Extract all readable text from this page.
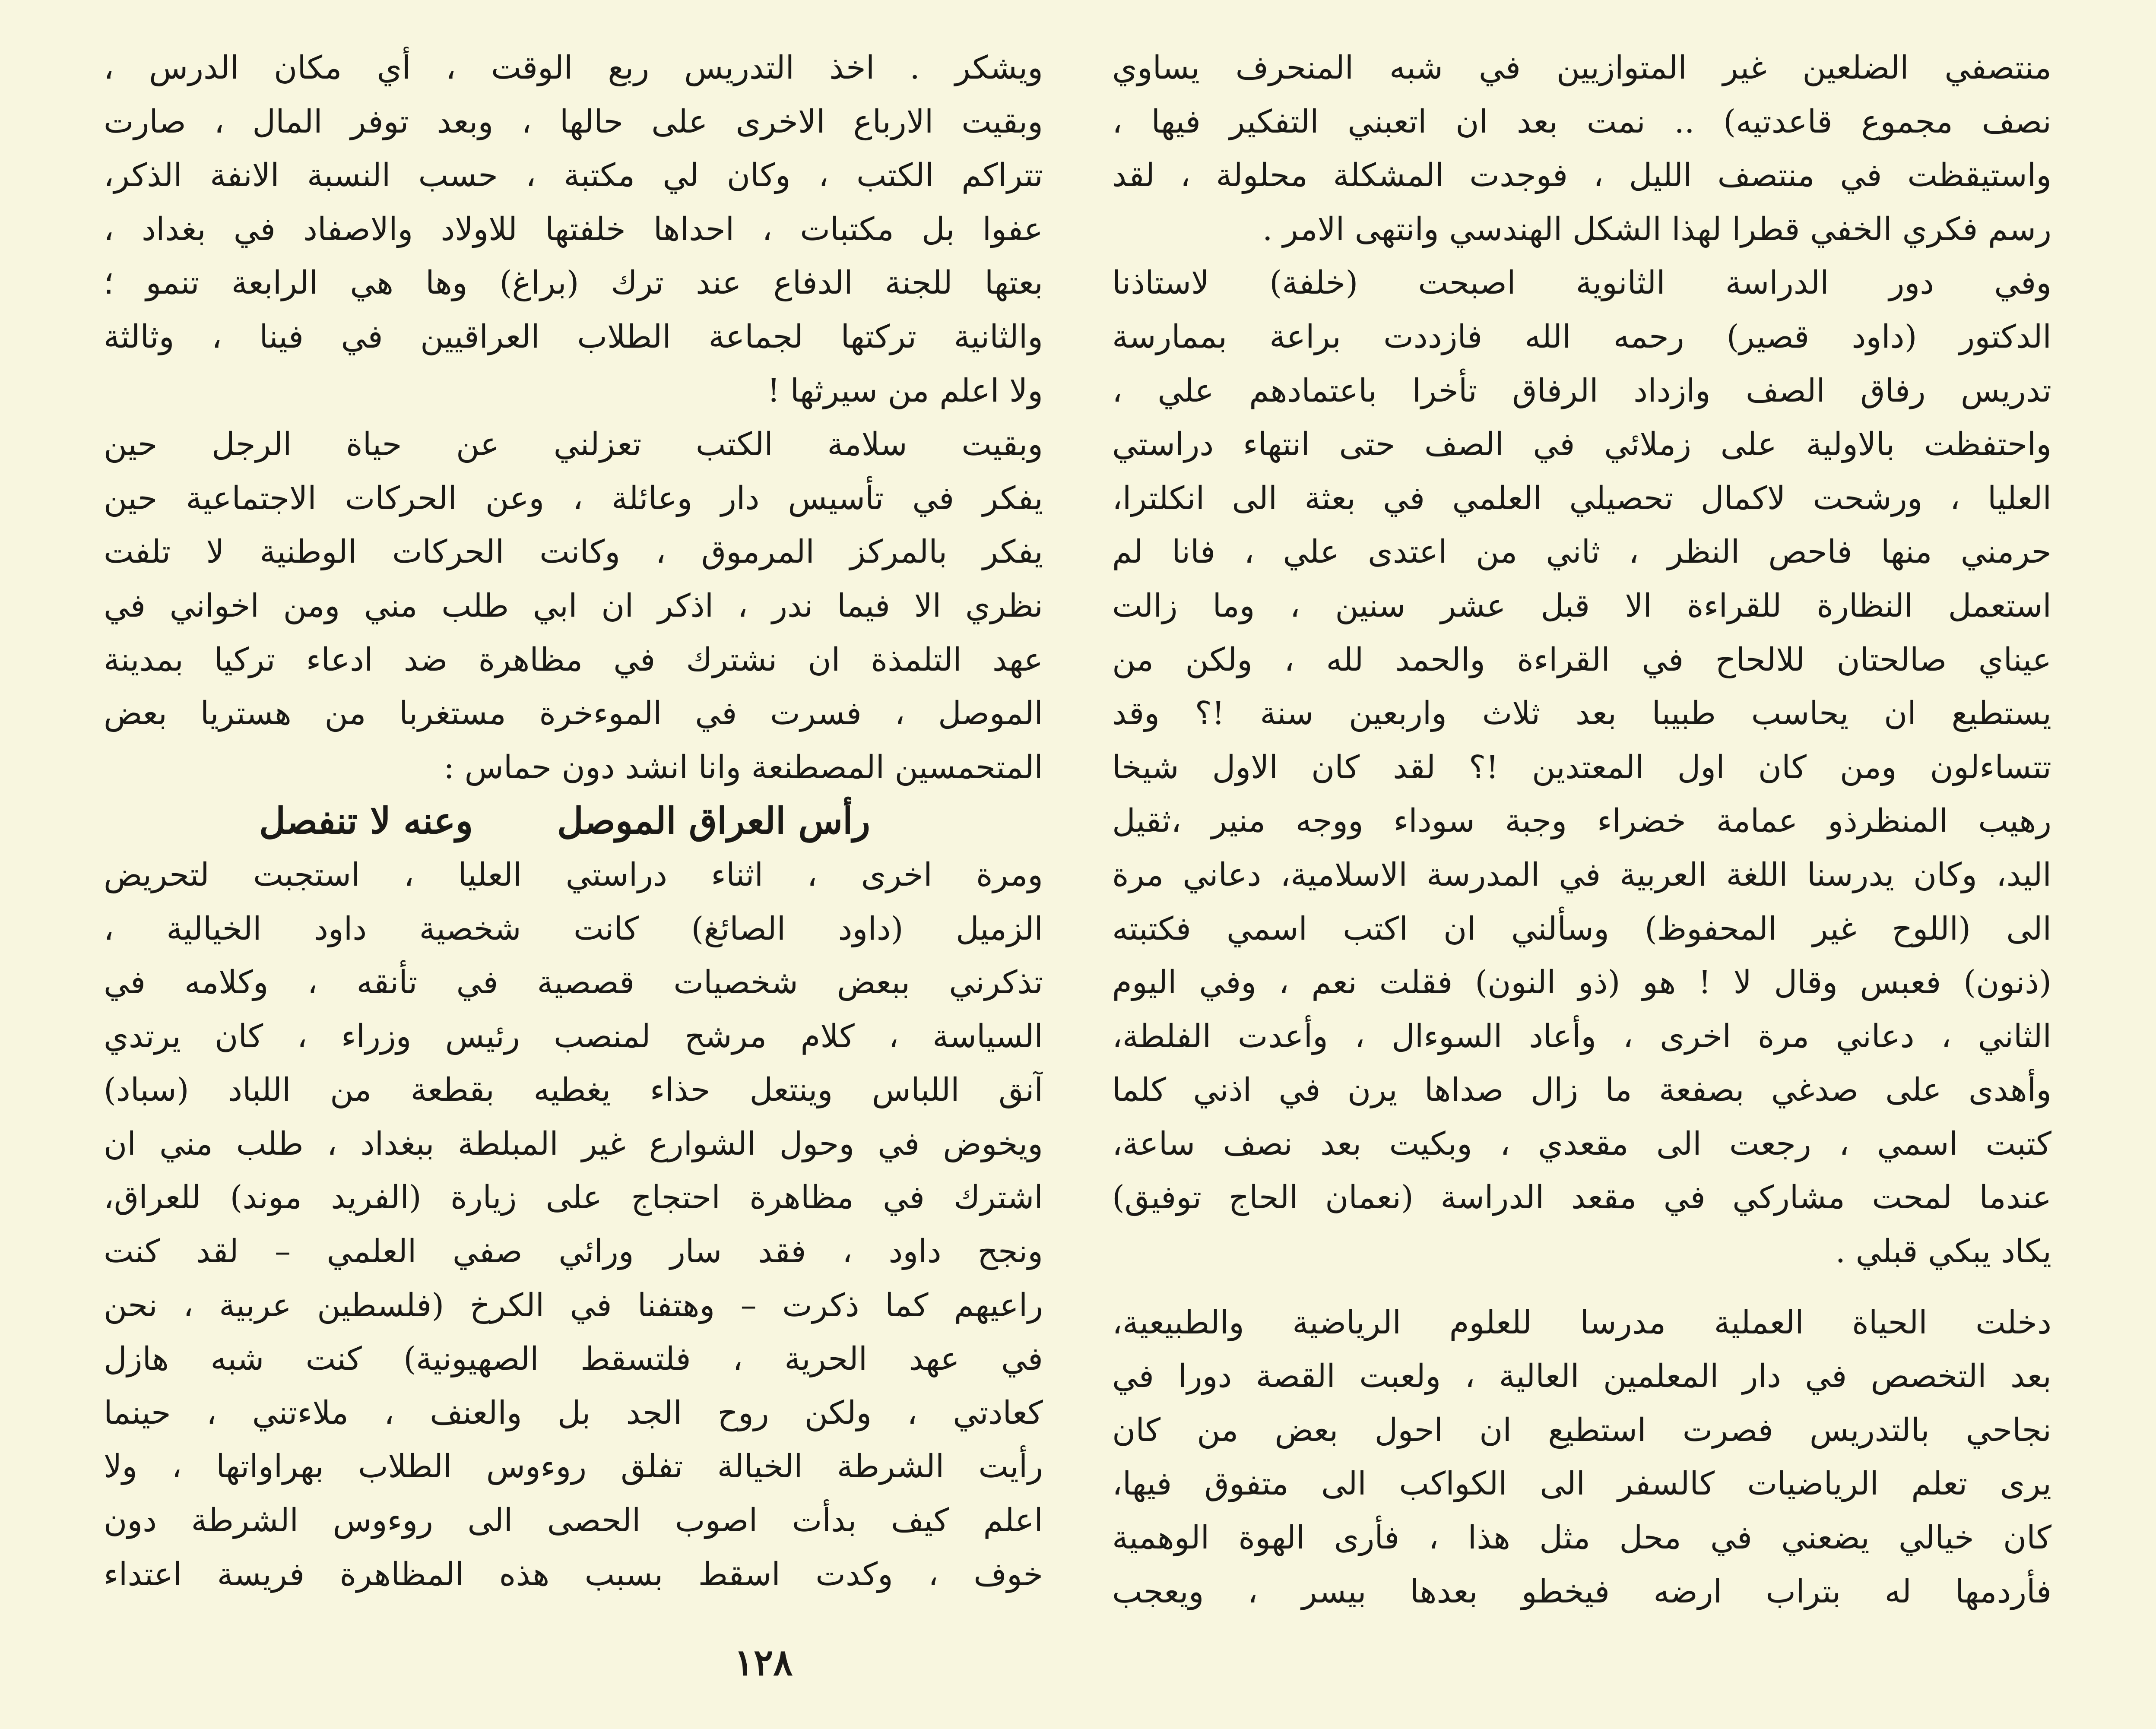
منتصفي الضلعين غير المتوازيين في شبه المنحرف يساوي
نصف مجموع قاعدتيه) .. نمت بعد ان اتعبني التفكير فيها ،
واستيقظت في منتصف الليل ، فوجدت المشكلة محلولة ، لقد
رسم فكري الخفي قطرا لهذا الشكل الهندسي وانتهى الامر .
وفي دور الدراسة الثانوية اصبحت (خلفة) لاستاذنا
الدكتور (داود قصير) رحمه الله فازددت براعة بممارسة
تدريس رفاق الصف وازداد الرفاق تأخرا باعتمادهم علي ،
واحتفظت بالاولية على زملائي في الصف حتى انتهاء دراستي
العليا ، ورشحت لاكمال تحصيلي العلمي في بعثة الى انكلترا،
حرمني منها فاحص النظر ، ثاني من اعتدى علي ، فانا لم
استعمل النظارة للقراءة الا قبل عشر سنين ، وما زالت
عيناي صالحتان للالحاح في القراءة والحمد لله ، ولكن من
يستطيع ان يحاسب طبيبا بعد ثلاث واربعين سنة !؟ وقد
تتساءلون ومن كان اول المعتدين !؟ لقد كان الاول شيخا
رهيب المنظرذو عمامة خضراء وجبة سوداء ووجه منير ،ثقيل
اليد، وكان يدرسنا اللغة العربية في المدرسة الاسلامية، دعاني مرة
الى (اللوح غير المحفوظ) وسألني ان اكتب اسمي فكتبته
(ذنون) فعبس وقال لا ! هو (ذو النون) فقلت نعم ، وفي اليوم
الثاني ، دعاني مرة اخرى ، وأعاد السوءال ، وأعدت الفلطة،
وأهدى على صدغي بصفعة ما زال صداها يرن في اذني كلما
كتبت اسمي ، رجعت الى مقعدي ، وبكيت بعد نصف ساعة،
عندما لمحت مشاركي في مقعد الدراسة (نعمان الحاج توفيق)
يكاد يبكي قبلي .
دخلت الحياة العملية مدرسا للعلوم الرياضية والطبيعية،
بعد التخصص في دار المعلمين العالية ، ولعبت القصة دورا في
نجاحي بالتدريس فصرت استطيع ان احول بعض من كان
يرى تعلم الرياضيات كالسفر الى الكواكب الى متفوق فيها،
كان خيالي يضعني في محل مثل هذا ، فأرى الهوة الوهمية
فأردمها له بتراب ارضه فيخطو بعدها بيسر ، ويعجب
ويشكر . اخذ التدريس ربع الوقت ، أي مكان الدرس ،
وبقيت الارباع الاخرى على حالها ، وبعد توفر المال ، صارت
تتراكم الكتب ، وكان لي مكتبة ، حسب النسبة الانفة الذكر،
عفوا بل مكتبات ، احداها خلفتها للاولاد والاصفاد في بغداد ،
بعتها للجنة الدفاع عند ترك (براغ) وها هي الرابعة تنمو ؛
والثانية تركتها لجماعة الطلاب العراقيين في فينا ، وثالثة
ولا اعلم من سيرثها !
وبقيت سلامة الكتب تعزلني عن حياة الرجل حين
يفكر في تأسيس دار وعائلة ، وعن الحركات الاجتماعية حين
يفكر بالمركز المرموق ، وكانت الحركات الوطنية لا تلفت
نظري الا فيما ندر ، اذكر ان ابي طلب مني ومن اخواني في
عهد التلمذة ان نشترك في مظاهرة ضد ادعاء تركيا بمدينة
الموصل ، فسرت في الموءخرة مستغربا من هستريا بعض
المتحمسين المصطنعة وانا انشد دون حماس :
رأس العراق الموصل
وعنه لا تنفصل
ومرة اخرى ، اثناء دراستي العليا ، استجبت لتحريض
الزميل (داود الصائغ) كانت شخصية داود الخيالية ،
تذكرني ببعض شخصيات قصصية في تأنقه ، وكلامه في
السياسة ، كلام مرشح لمنصب رئيس وزراء ، كان يرتدي
آنق اللباس وينتعل حذاء يغطيه بقطعة من اللباد (سباد)
ويخوض في وحول الشوارع غير المبلطة ببغداد ، طلب مني ان
اشترك في مظاهرة احتجاج على زيارة (الفريد موند) للعراق،
ونجح داود ، فقد سار ورائي صفي العلمي – لقد كنت
راعيهم كما ذكرت – وهتفنا في الكرخ (فلسطين عربية ، نحن
في عهد الحرية ، فلتسقط الصهيونية) كنت شبه هازل
كعادتي ، ولكن روح الجد بل والعنف ، ملاءتني ، حينما
رأيت الشرطة الخيالة تفلق روءوس الطلاب بهراواتها ، ولا
اعلم كيف بدأت اصوب الحصى الى روءوس الشرطة دون
خوف ، وكدت اسقط بسبب هذه المظاهرة فريسة اعتداء
١٢٨
